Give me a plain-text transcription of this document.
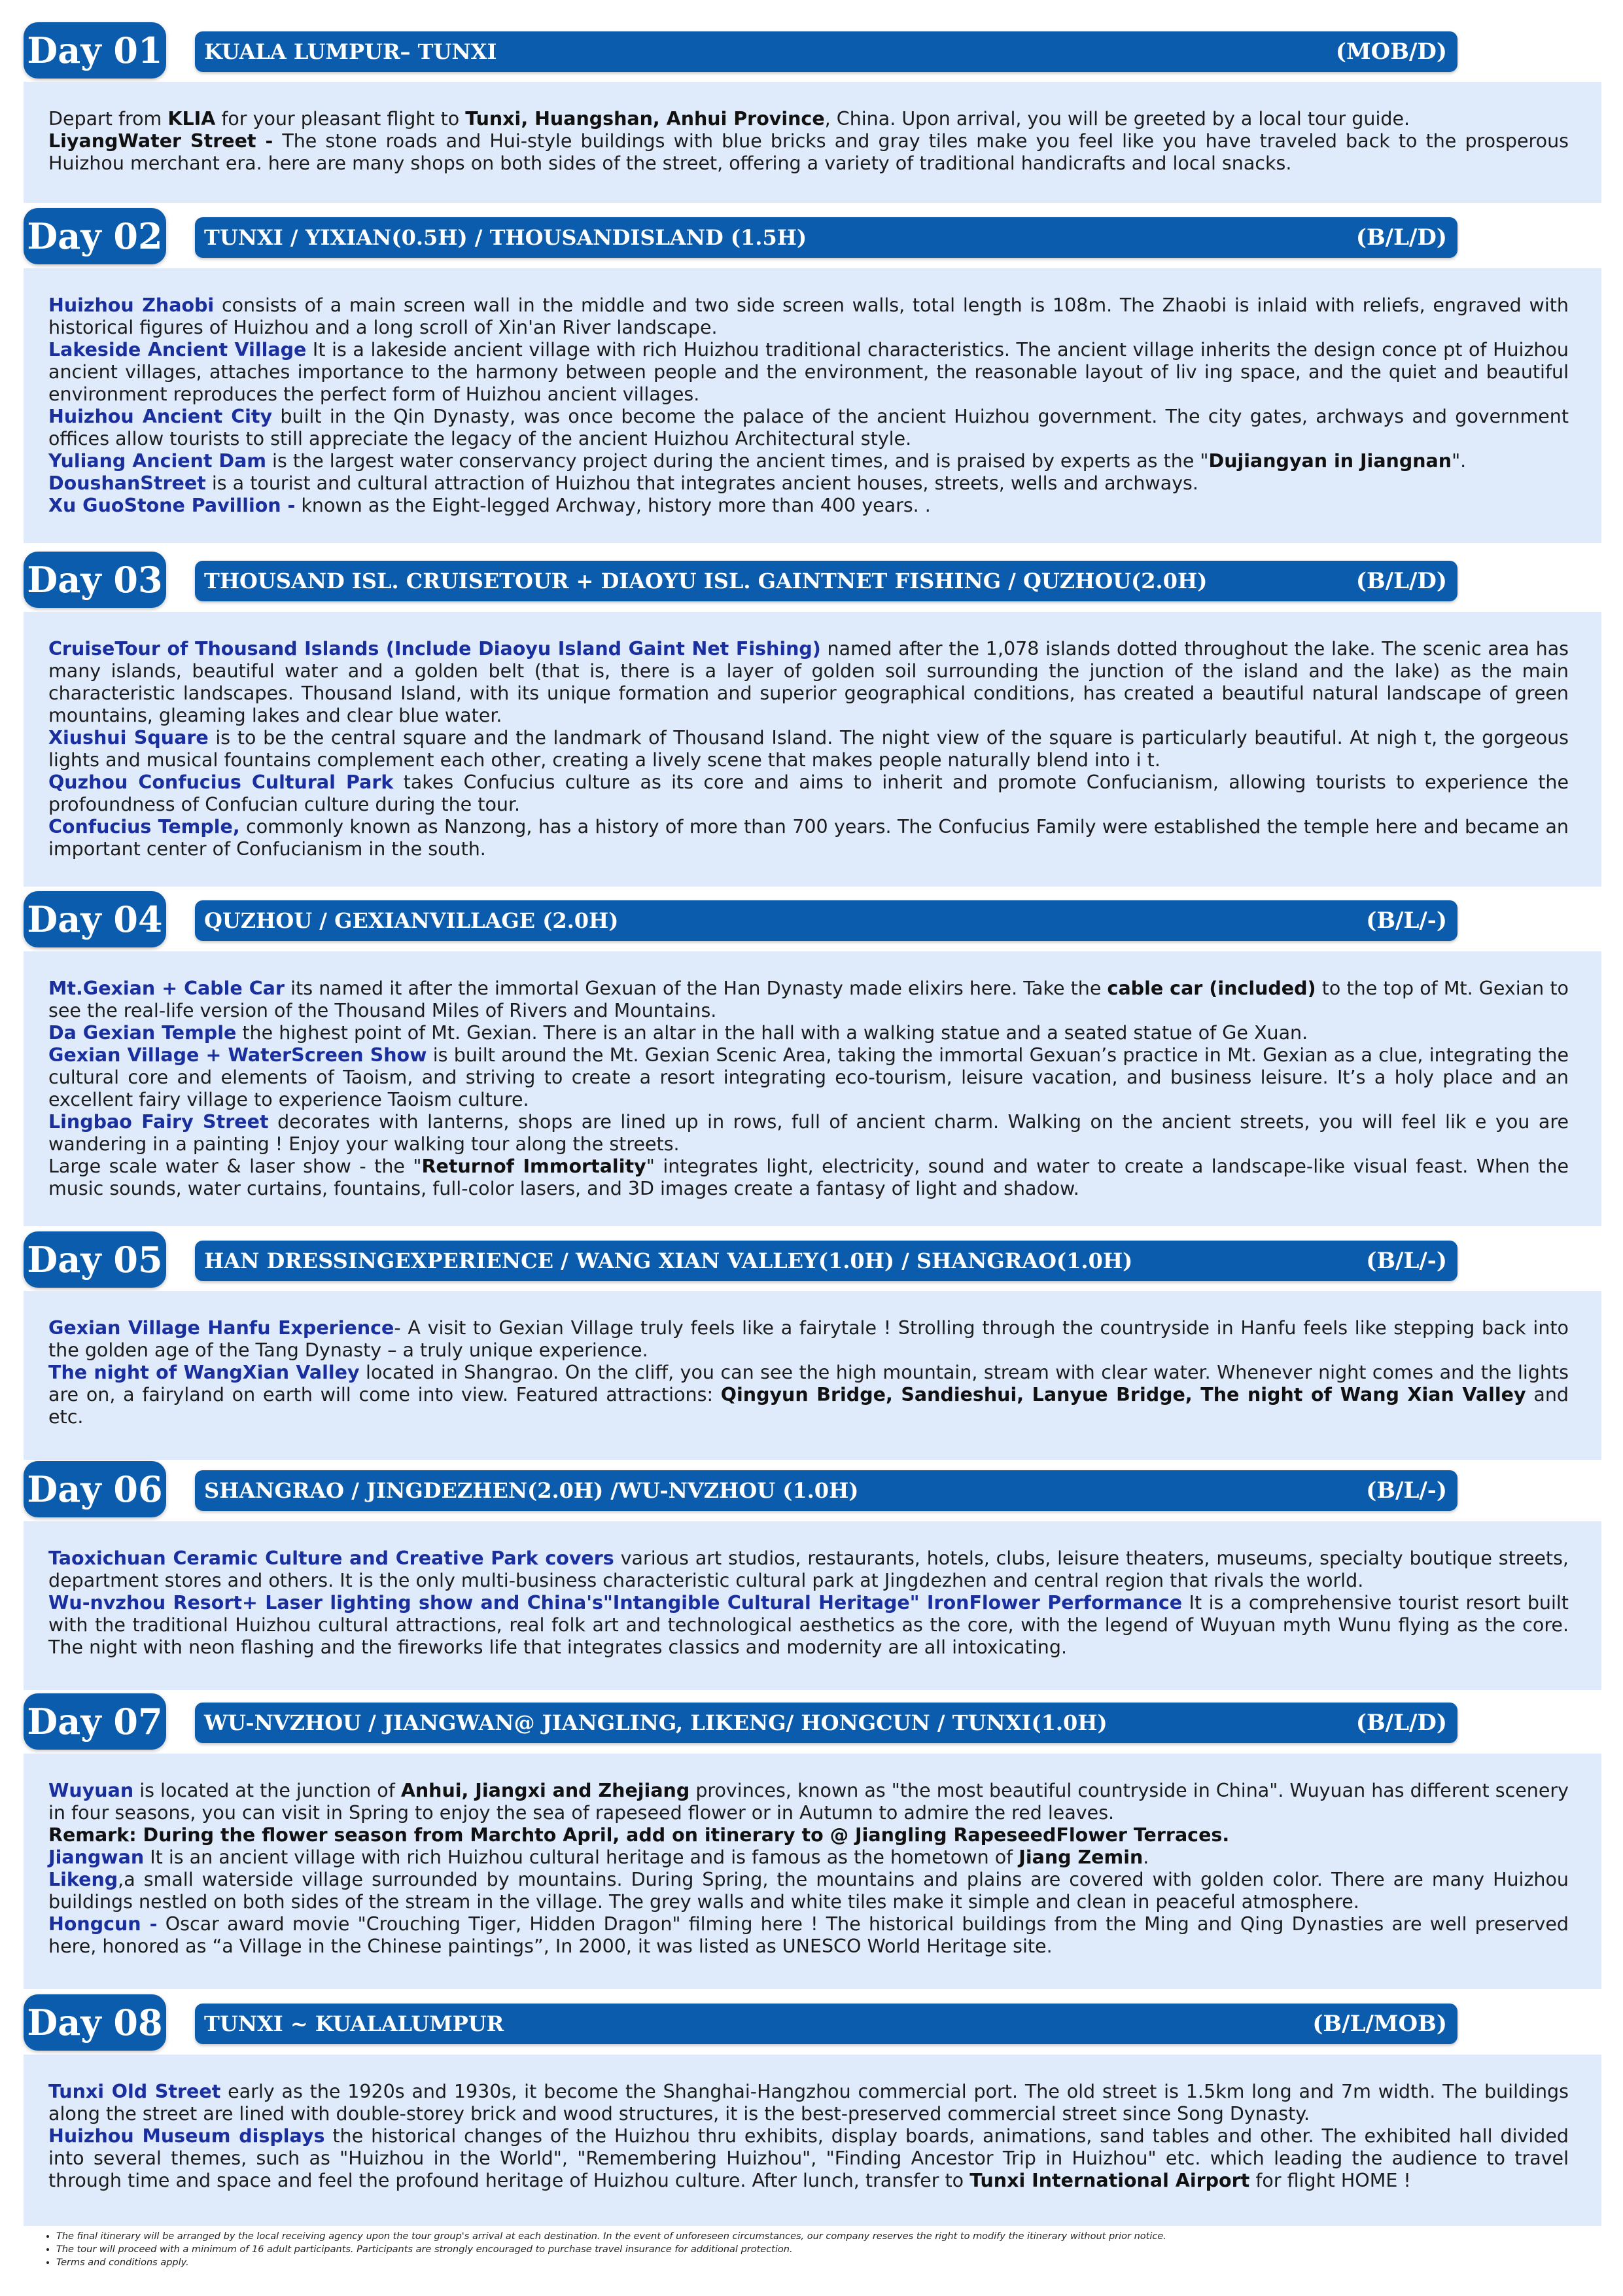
Day 01 KUALA LUMPUR– TUNXI	(MOB/D)

Depart from KLIA for your pleasant flight to Tunxi, Huangshan, Anhui Province, China. Upon arrival, you will be greeted by a local tour guide.

LiyangWater Street - The stone roads and Hui-style buildings with blue bricks and gray tiles make you feel like you have traveled back to the prosperous Huizhou merchant era. here are many shops on both sides of the street, offering a variety of traditional handicrafts and local snacks.

Day 02 TUNXI / YIXIAN(0.5H) / THOUSANDISLAND (1.5H)	(B/L/D)

Huizhou Zhaobi consists of a main screen wall in the middle and two side screen walls, total length is 108m. The Zhaobi is inlaid with reliefs, engraved with historical figures of Huizhou and a long scroll of Xin'an River landscape.

Lakeside Ancient Village It is a lakeside ancient village with rich Huizhou traditional characteristics. The ancient village inherits the design conce pt of Huizhou ancient villages, attaches importance to the harmony between people and the environment, the reasonable layout of liv ing space, and the quiet and beautiful environment reproduces the perfect form of Huizhou ancient villages.

Huizhou Ancient City built in the Qin Dynasty, was once become the palace of the ancient Huizhou government. The city gates, archways and government offices allow tourists to still appreciate the legacy of the ancient Huizhou Architectural style.

Yuliang Ancient Dam is the largest water conservancy project during the ancient times, and is praised by experts as the "Dujiangyan in Jiangnan".

DoushanStreet is a tourist and cultural attraction of Huizhou that integrates ancient houses, streets, wells and archways.

Xu GuoStone Pavillion - known as the Eight-legged Archway, history more than 400 years. .

Day 03 THOUSAND ISL. CRUISETOUR + DIAOYU ISL. GAINTNET FISHING / QUZHOU(2.0H)	(B/L/D)

CruiseTour of Thousand Islands (Include Diaoyu Island Gaint Net Fishing) named after the 1,078 islands dotted throughout the lake. The scenic area has many islands, beautiful water and a golden belt (that is, there is a layer of golden soil surrounding the junction of the island and the lake) as the main characteristic landscapes. Thousand Island, with its unique formation and superior geographical conditions, has created a beautiful natural landscape of green mountains, gleaming lakes and clear blue water.

Xiushui Square is to be the central square and the landmark of Thousand Island. The night view of the square is particularly beautiful. At nigh t, the gorgeous lights and musical fountains complement each other, creating a lively scene that makes people naturally blend into i t.

Quzhou Confucius Cultural Park takes Confucius culture as its core and aims to inherit and promote Confucianism, allowing tourists to experience the profoundness of Confucian culture during the tour.

Confucius Temple, commonly known as Nanzong, has a history of more than 700 years. The Confucius Family were established the temple here and became an important center of Confucianism in the south.

Day 04 QUZHOU / GEXIANVILLAGE (2.0H)	(B/L/-)

Mt.Gexian + Cable Car its named it after the immortal Gexuan of the Han Dynasty made elixirs here. Take the cable car (included) to the top of Mt. Gexian to see the real-life version of the Thousand Miles of Rivers and Mountains.

Da Gexian Temple the highest point of Mt. Gexian. There is an altar in the hall with a walking statue and a seated statue of Ge Xuan.

Gexian Village + WaterScreen Show is built around the Mt. Gexian Scenic Area, taking the immortal Gexuan’s practice in Mt. Gexian as a clue, integrating the cultural core and elements of Taoism, and striving to create a resort integrating eco-tourism, leisure vacation, and business leisure. It’s a holy place and an excellent fairy village to experience Taoism culture.

Lingbao Fairy Street decorates with lanterns, shops are lined up in rows, full of ancient charm. Walking on the ancient streets, you will feel lik e you are wandering in a painting ! Enjoy your walking tour along the streets.

Large scale water & laser show - the "Returnof Immortality" integrates light, electricity, sound and water to create a landscape-like visual feast. When the music sounds, water curtains, fountains, full-color lasers, and 3D images create a fantasy of light and shadow.

Day 05 HAN DRESSINGEXPERIENCE / WANG XIAN VALLEY(1.0H) / SHANGRAO(1.0H)	(B/L/-)

Gexian Village Hanfu Experience- A visit to Gexian Village truly feels like a fairytale ! Strolling through the countryside in Hanfu feels like stepping back into the golden age of the Tang Dynasty – a truly unique experience.

The night of WangXian Valley located in Shangrao. On the cliff, you can see the high mountain, stream with clear water. Whenever night comes and the lights are on, a fairyland on earth will come into view. Featured attractions: Qingyun Bridge, Sandieshui, Lanyue Bridge, The night of Wang Xian Valley and etc.

Day 06 SHANGRAO / JINGDEZHEN(2.0H) /WU-NVZHOU (1.0H)	(B/L/-)

Taoxichuan Ceramic Culture and Creative Park covers various art studios, restaurants, hotels, clubs, leisure theaters, museums, specialty boutique streets, department stores and others. It is the only multi-business characteristic cultural park at Jingdezhen and central region that rivals the world.

Wu-nvzhou Resort+ Laser lighting show and China's"Intangible Cultural Heritage" IronFlower Performance It is a comprehensive tourist resort built with the traditional Huizhou cultural attractions, real folk art and technological aesthetics as the core, with the legend of Wuyuan myth Wunu flying as the core. The night with neon flashing and the fireworks life that integrates classics and modernity are all intoxicating.

Day 07 WU-NVZHOU / JIANGWAN@ JIANGLING, LIKENG/ HONGCUN / TUNXI(1.0H)	(B/L/D)

Wuyuan is located at the junction of Anhui, Jiangxi and Zhejiang provinces, known as "the most beautiful countryside in China". Wuyuan has different scenery in four seasons, you can visit in Spring to enjoy the sea of rapeseed flower or in Autumn to admire the red leaves.

Remark: During the flower season from Marchto April, add on itinerary to @ Jiangling RapeseedFlower Terraces.

Jiangwan It is an ancient village with rich Huizhou cultural heritage and is famous as the hometown of Jiang Zemin.

Likeng,a small waterside village surrounded by mountains. During Spring, the mountains and plains are covered with golden color. There are many Huizhou buildings nestled on both sides of the stream in the village. The grey walls and white tiles make it simple and clean in peaceful atmosphere.

Hongcun - Oscar award movie "Crouching Tiger, Hidden Dragon" filming here ! The historical buildings from the Ming and Qing Dynasties are well preserved here, honored as “a Village in the Chinese paintings”, In 2000, it was listed as UNESCO World Heritage site.

Day 08 TUNXI ~ KUALALUMPUR	(B/L/MOB)

Tunxi Old Street early as the 1920s and 1930s, it become the Shanghai-Hangzhou commercial port. The old street is 1.5km long and 7m width. The buildings along the street are lined with double-storey brick and wood structures, it is the best-preserved commercial street since Song Dynasty.

Huizhou Museum displays the historical changes of the Huizhou thru exhibits, display boards, animations, sand tables and other. The exhibited hall divided into several themes, such as "Huizhou in the World", "Remembering Huizhou", "Finding Ancestor Trip in Huizhou" etc. which leading the audience to travel through time and space and feel the profound heritage of Huizhou culture. After lunch, transfer to Tunxi International Airport for flight HOME !

• The final itinerary will be arranged by the local receiving agency upon the tour group's arrival at each destination. In the event of unforeseen circumstances, our company reserves the right to modify the itinerary without prior notice.
• The tour will proceed with a minimum of 16 adult participants. Participants are strongly encouraged to purchase travel insurance for additional protection.
• Terms and conditions apply.
